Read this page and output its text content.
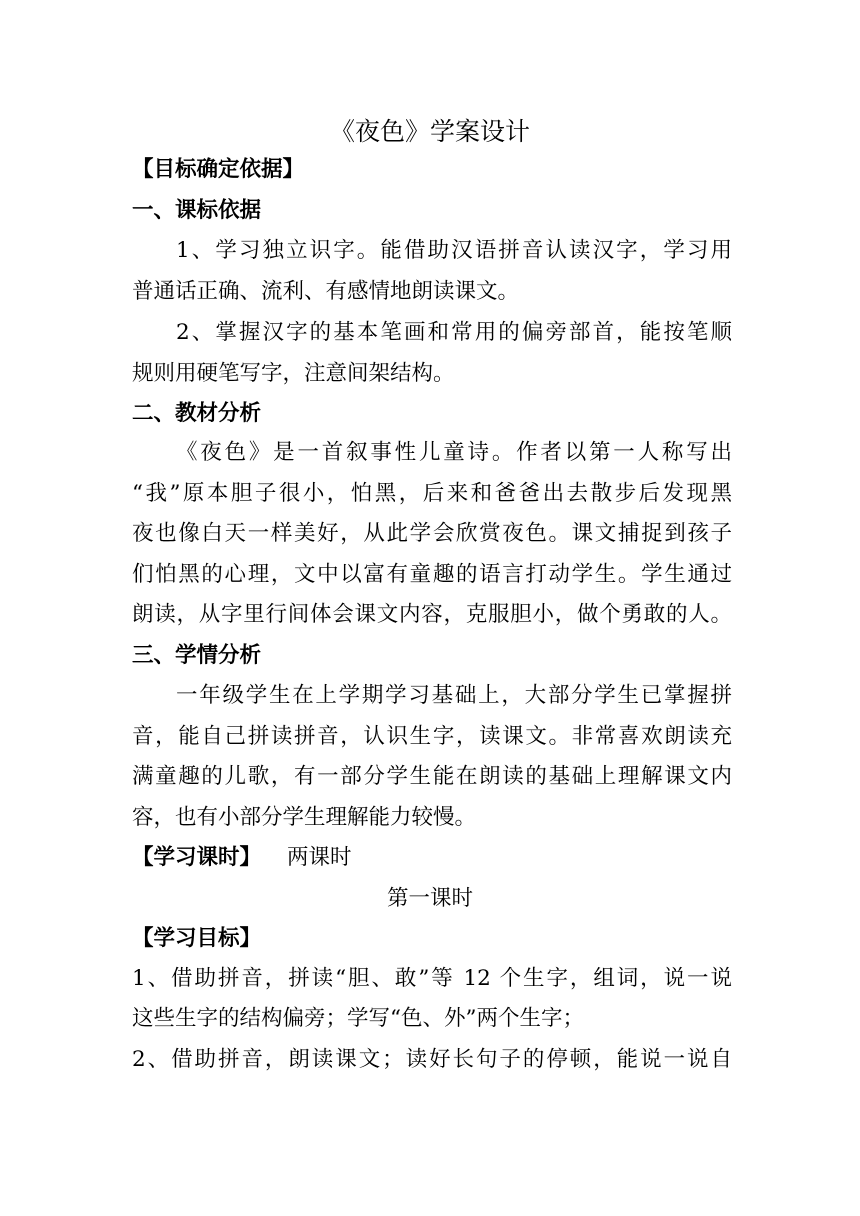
《夜色》学案设计
【目标确定依据】
一、课标依据
1、学习独立识字。能借助汉语拼音认读汉字，学习用
普通话正确、流利、有感情地朗读课文。
2、掌握汉字的基本笔画和常用的偏旁部首，能按笔顺
规则用硬笔写字，注意间架结构。
二、教材分析
《夜色》是一首叙事性儿童诗。作者以第一人称写出
“我”原本胆子很小，怕黑，后来和爸爸出去散步后发现黑
夜也像白天一样美好，从此学会欣赏夜色。课文捕捉到孩子
们怕黑的心理，文中以富有童趣的语言打动学生。学生通过
朗读，从字里行间体会课文内容，克服胆小，做个勇敢的人。
三、学情分析
一年级学生在上学期学习基础上，大部分学生已掌握拼
音，能自己拼读拼音，认识生字，读课文。非常喜欢朗读充
满童趣的儿歌，有一部分学生能在朗读的基础上理解课文内
容，也有小部分学生理解能力较慢。
【学习课时】 两课时
第一课时
【学习目标】
1、借助拼音，拼读“胆、敢”等 12 个生字，组词，说一说
这些生字的结构偏旁；学写“色、外”两个生字；
2、借助拼音，朗读课文；读好长句子的停顿，能说一说自
